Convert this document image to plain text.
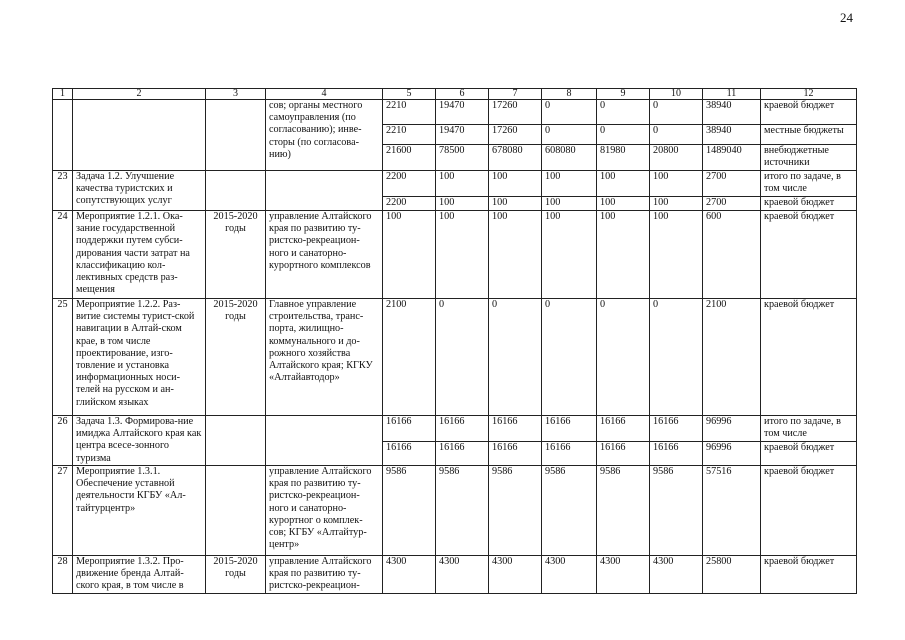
24
1	2	3	4	5	6	7	8	9	10	11	12
			сов; органы местного самоуправления (по согласованию); инве-сторы (по согласова-нию)	2210	19470	17260	0	0	0	38940	краевой бюджет
				2210	19470	17260	0	0	0	38940	местные бюджеты
				21600	78500	678080	608080	81980	20800	1489040	внебюджетные источники
23	Задача 1.2. Улучшение качества туристских и сопутствующих услуг			2200	100	100	100	100	100	2700	итого по задаче, в том числе
				2200	100	100	100	100	100	2700	краевой бюджет
24	Мероприятие 1.2.1. Ока-зание государственной поддержки путем субси-дирования части затрат на классификацию кол-лективных средств раз-мещения	2015-2020 годы	управление Алтайского края по развитию ту-ристско-рекреацион-ного и санаторно-курортного комплексов	100	100	100	100	100	100	600	краевой бюджет
25	Мероприятие 1.2.2. Раз-витие системы турист-ской навигации в Алтай-ском крае, в том числе проектирование, изго-товление и установка информационных носи-телей на русском и ан-глийском языках	2015-2020 годы	Главное управление строительства, транс-порта, жилищно-коммунального и до-рожного хозяйства Алтайского края; КГКУ «Алтайавтодор»	2100	0	0	0	0	0	2100	краевой бюджет
26	Задача 1.3. Формирова-ние имиджа Алтайского края как центра всесе-зонного туризма			16166	16166	16166	16166	16166	16166	96996	итого по задаче, в том числе
				16166	16166	16166	16166	16166	16166	96996	краевой бюджет
27	Мероприятие 1.3.1. Обеспечение уставной деятельности КГБУ «Ал-тайтурцентр»		управление Алтайского края по развитию ту-ристско-рекреацион-ного и санаторно-курортног о комплек-сов; КГБУ «Алтайтур-центр»	9586	9586	9586	9586	9586	9586	57516	краевой бюджет
28	Мероприятие 1.3.2. Про-движение бренда Алтай-ского края, в том числе в	2015-2020 годы	управление Алтайского края по развитию ту-ристско-рекреацион-	4300	4300	4300	4300	4300	4300	25800	краевой бюджет
